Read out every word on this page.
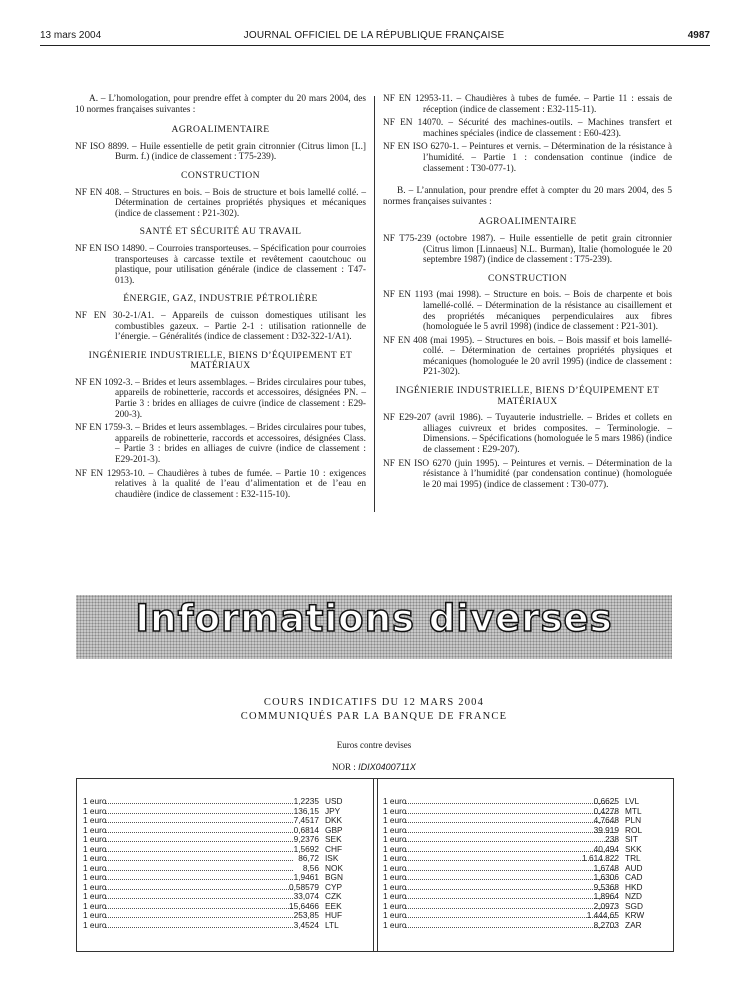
13 mars 2004	JOURNAL OFFICIEL DE LA RÉPUBLIQUE FRANÇAISE	4987

A. – L’homologation, pour prendre effet à compter du 20 mars 2004, des 10 normes françaises suivantes :

AGROALIMENTAIRE

NF ISO 8899. – Huile essentielle de petit grain citronnier (Citrus limon [L.] Burm. f.) (indice de classement : T75-239).

CONSTRUCTION

NF EN 408. – Structures en bois. – Bois de structure et bois lamellé collé. – Détermination de certaines propriétés physiques et mécaniques (indice de classement : P21-302).

SANTÉ ET SÉCURITÉ AU TRAVAIL

NF EN ISO 14890. – Courroies transporteuses. – Spécification pour courroies transporteuses à carcasse textile et revêtement caoutchouc ou plastique, pour utilisation générale (indice de classement : T47-013).

ÉNERGIE, GAZ, INDUSTRIE PÉTROLIÈRE

NF EN 30-2-1/A1. – Appareils de cuisson domestiques utilisant les combustibles gazeux. – Partie 2-1 : utilisation rationnelle de l’énergie. – Généralités (indice de classement : D32-322-1/A1).

INGÉNIERIE INDUSTRIELLE, BIENS D’ÉQUIPEMENT ET MATÉRIAUX

NF EN 1092-3. – Brides et leurs assemblages. – Brides circulaires pour tubes, appareils de robinetterie, raccords et accessoires, désignées PN. – Partie 3 : brides en alliages de cuivre (indice de classement : E29-200-3).

NF EN 1759-3. – Brides et leurs assemblages. – Brides circulaires pour tubes, appareils de robinetterie, raccords et accessoires, désignées Class. – Partie 3 : brides en alliages de cuivre (indice de classement : E29-201-3).

NF EN 12953-10. – Chaudières à tubes de fumée. – Partie 10 : exigences relatives à la qualité de l’eau d’alimentation et de l’eau en chaudière (indice de classement : E32-115-10).

NF EN 12953-11. – Chaudières à tubes de fumée. – Partie 11 : essais de réception (indice de classement : E32-115-11).

NF EN 14070. – Sécurité des machines-outils. – Machines transfert et machines spéciales (indice de classement : E60-423).

NF EN ISO 6270-1. – Peintures et vernis. – Détermination de la résistance à l’humidité. – Partie 1 : condensation continue (indice de classement : T30-077-1).

B. – L’annulation, pour prendre effet à compter du 20 mars 2004, des 5 normes françaises suivantes :

AGROALIMENTAIRE

NF T75-239 (octobre 1987). – Huile essentielle de petit grain citronnier (Citrus limon [Linnaeus] N.L. Burman), Italie (homologuée le 20 septembre 1987) (indice de classement : T75-239).

CONSTRUCTION

NF EN 1193 (mai 1998). – Structure en bois. – Bois de charpente et bois lamellé-collé. – Détermination de la résistance au cisaillement et des propriétés mécaniques perpendiculaires aux fibres (homologuée le 5 avril 1998) (indice de classement : P21-301).

NF EN 408 (mai 1995). – Structures en bois. – Bois massif et bois lamellé-collé. – Détermination de certaines propriétés physiques et mécaniques (homologuée le 20 avril 1995) (indice de classement : P21-302).

INGÉNIERIE INDUSTRIELLE, BIENS D’ÉQUIPEMENT ET MATÉRIAUX

NF E29-207 (avril 1986). – Tuyauterie industrielle. – Brides et collets en alliages cuivreux et brides composites. – Terminologie. – Dimensions. – Spécifications (homologuée le 5 mars 1986) (indice de classement : E29-207).

NF EN ISO 6270 (juin 1995). – Peintures et vernis. – Détermination de la résistance à l’humidité (par condensation continue) (homologuée le 20 mai 1995) (indice de classement : T30-077).

Informations diverses
COURS INDICATIFS DU 12 MARS 2004
COMMUNIQUÉS PAR LA BANQUE DE FRANCE
Euros contre devises
NOR : IDIX0400711X
1 euro	1,2235 USD
1 euro	136,15 JPY
1 euro	7,4517 DKK
1 euro	0,6814 GBP
1 euro	9,2376 SEK
1 euro	1,5692 CHF
1 euro	86,72 ISK
1 euro	8,56 NOK
1 euro	1,9461 BGN
1 euro	0,58579 CYP
1 euro	33,074 CZK
1 euro	15,6466 EEK
1 euro	253,85 HUF
1 euro	3,4524 LTL
1 euro	0,6625 LVL
1 euro	0,4278 MTL
1 euro	4,7648 PLN
1 euro	39 919 ROL
1 euro	238 SIT
1 euro	40,494 SKK
1 euro	1 614 822 TRL
1 euro	1,6748 AUD
1 euro	1,6306 CAD
1 euro	9,5368 HKD
1 euro	1,8964 NZD
1 euro	2,0973 SGD
1 euro	1 444,65 KRW
1 euro	8,2703 ZAR
